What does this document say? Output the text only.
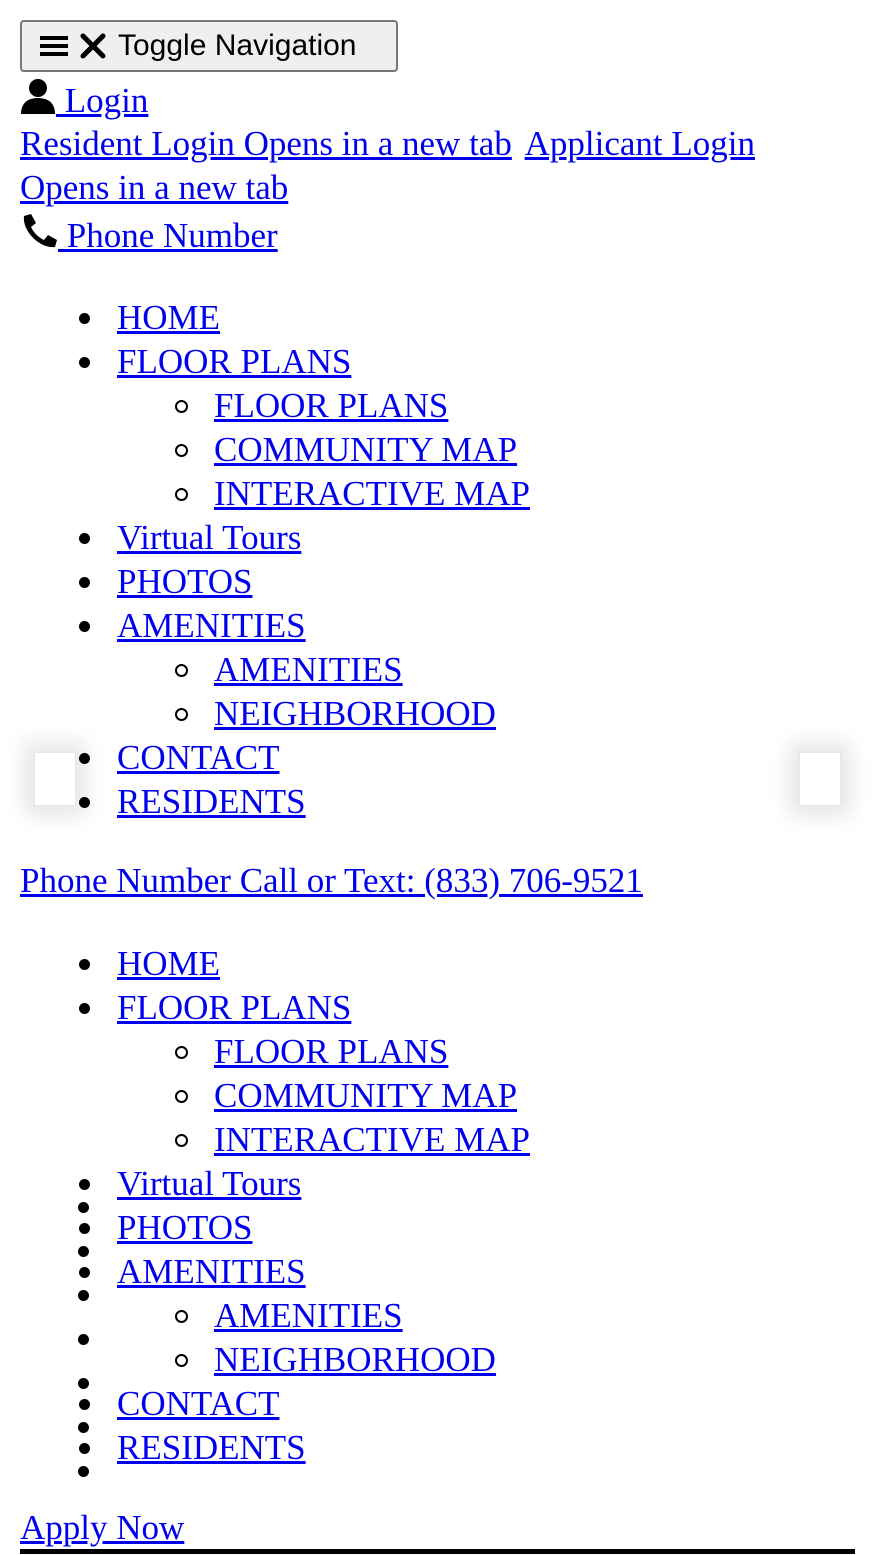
Toggle Navigation
Login
Resident Login Opens in a new tab Applicant Login
Opens in a new tab
Phone Number
HOME
FLOOR PLANS
FLOOR PLANS
COMMUNITY MAP
INTERACTIVE MAP
Virtual Tours
PHOTOS
AMENITIES
AMENITIES
NEIGHBORHOOD
CONTACT
RESIDENTS
Phone Number Call or Text: (833) 706-9521
HOME
FLOOR PLANS
FLOOR PLANS
COMMUNITY MAP
INTERACTIVE MAP
Virtual Tours
PHOTOS
AMENITIES
AMENITIES
NEIGHBORHOOD
CONTACT
RESIDENTS
Apply Now
